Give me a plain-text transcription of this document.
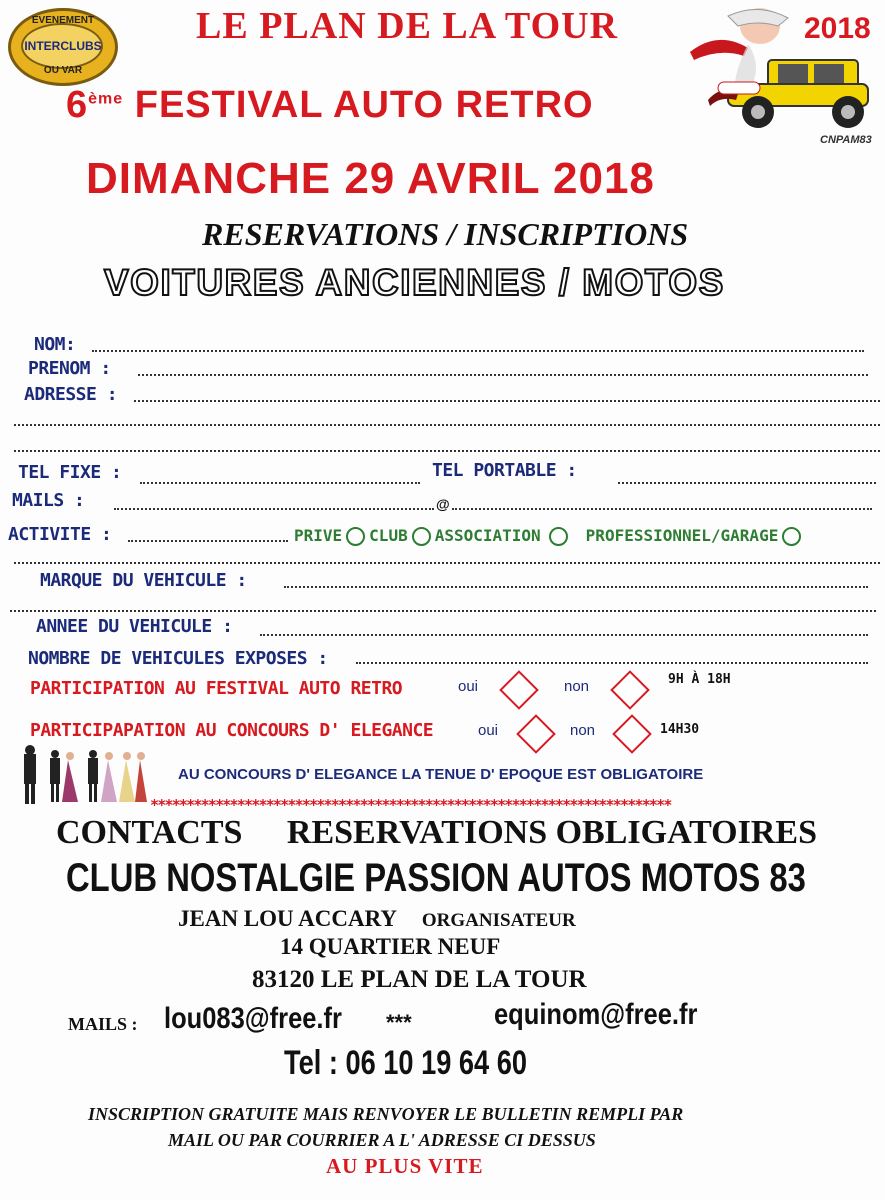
EVENEMENT
INTERCLUBS
OU VAR
2018
CNPAM83
LE PLAN DE LA TOUR
6ème FESTIVAL AUTO RETRO
DIMANCHE 29 AVRIL 2018
RESERVATIONS / INSCRIPTIONS
VOITURES ANCIENNES / MOTOS
NOM:
PRENOM :
ADRESSE :
TEL FIXE :	TEL PORTABLE :
MAILS :	@
ACTIVITE :	PRIVE CLUB ASSOCIATION	PROFESSIONNEL/GARAGE
MARQUE DU VEHICULE :
ANNEE DU VEHICULE :
NOMBRE DE VEHICULES EXPOSES :
PARTICIPATION AU FESTIVAL AUTO RETRO	oui	non	9H À 18H
PARTICIPAPATION AU CONCOURS D' ELEGANCE	oui	non	14H30
AU CONCOURS D' ELEGANCE LA TENUE D' EPOQUE EST OBLIGATOIRE
************************************************************************
CONTACTS RESERVATIONS OBLIGATOIRES
CLUB NOSTALGIE PASSION AUTOS MOTOS 83
JEAN LOU ACCARY ORGANISATEUR
14 QUARTIER NEUF
83120 LE PLAN DE LA TOUR
MAILS : lou083@free.fr ***	equinom@free.fr
Tel : 06 10 19 64 60
INSCRIPTION GRATUITE MAIS RENVOYER LE BULLETIN REMPLI PAR
MAIL OU PAR COURRIER A L' ADRESSE CI DESSUS
AU PLUS VITE
